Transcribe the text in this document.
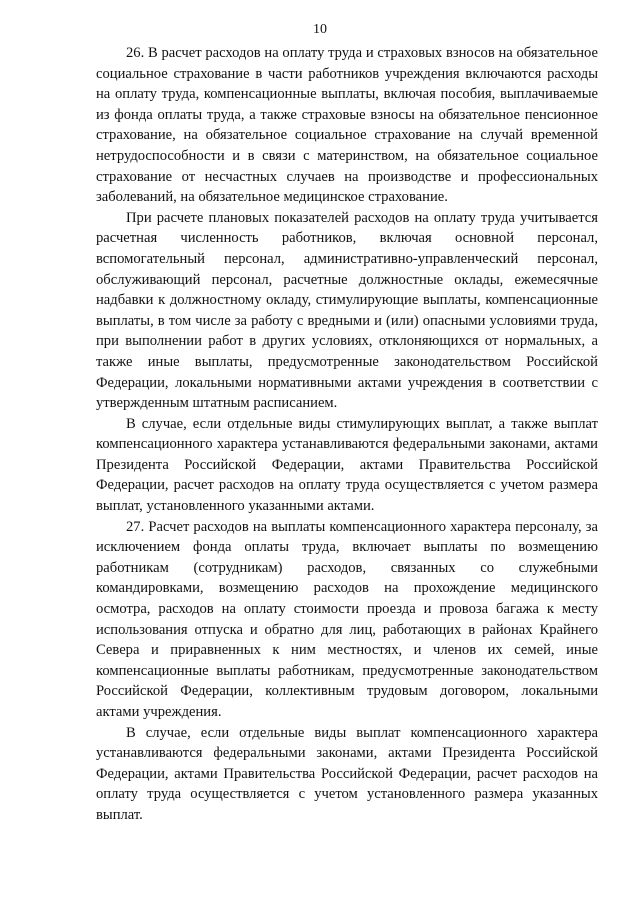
10

26. В расчет расходов на оплату труда и страховых взносов на обязательное социальное страхование в части работников учреждения включаются расходы на оплату труда, компенсационные выплаты, включая пособия, выплачиваемые из фонда оплаты труда, а также страховые взносы на обязательное пенсионное страхование, на обязательное социальное страхование на случай временной нетрудоспособности и в связи с материнством, на обязательное социальное страхование от несчастных случаев на производстве и профессиональных заболеваний, на обязательное медицинское страхование.

При расчете плановых показателей расходов на оплату труда учитывается расчетная численность работников, включая основной персонал, вспомогательный персонал, административно-управленческий персонал, обслуживающий персонал, расчетные должностные оклады, ежемесячные надбавки к должностному окладу, стимулирующие выплаты, компенсационные выплаты, в том числе за работу с вредными и (или) опасными условиями труда, при выполнении работ в других условиях, отклоняющихся от нормальных, а также иные выплаты, предусмотренные законодательством Российской Федерации, локальными нормативными актами учреждения в соответствии с утвержденным штатным расписанием.

В случае, если отдельные виды стимулирующих выплат, а также выплат компенсационного характера устанавливаются федеральными законами, актами Президента Российской Федерации, актами Правительства Российской Федерации, расчет расходов на оплату труда осуществляется с учетом размера выплат, установленного указанными актами.

27. Расчет расходов на выплаты компенсационного характера персоналу, за исключением фонда оплаты труда, включает выплаты по возмещению работникам (сотрудникам) расходов, связанных со служебными командировками, возмещению расходов на прохождение медицинского осмотра, расходов на оплату стоимости проезда и провоза багажа к месту использования отпуска и обратно для лиц, работающих в районах Крайнего Севера и приравненных к ним местностях, и членов их семей, иные компенсационные выплаты работникам, предусмотренные законодательством Российской Федерации, коллективным трудовым договором, локальными актами учреждения.

В случае, если отдельные виды выплат компенсационного характера устанавливаются федеральными законами, актами Президента Российской Федерации, актами Правительства Российской Федерации, расчет расходов на оплату труда осуществляется с учетом установленного размера указанных выплат.
